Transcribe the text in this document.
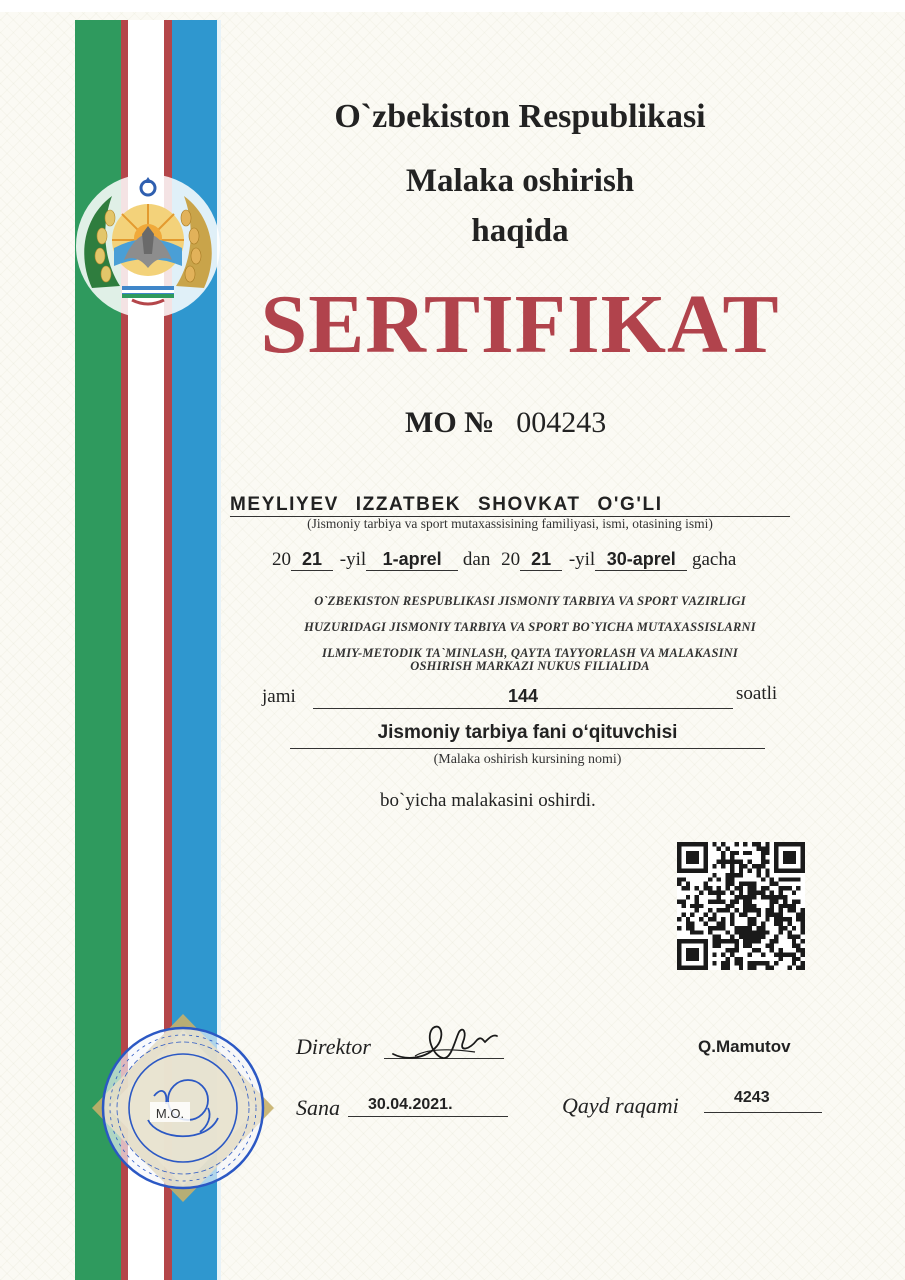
O`zbekiston Respublikasi
Malaka oshirish
haqida
SERTIFIKAT
MO № 004243
MEYLIYEV IZZATBEK SHOVKAT O'G'LI
(Jismoniy tarbiya va sport mutaxassisining familiyasi, ismi, otasining ismi)
20 21 -yil 1-aprel dan 20 21 -yil 30-aprel gacha
O`ZBEKISTON RESPUBLIKASI JISMONIY TARBIYA VA SPORT VAZIRLIGI
HUZURIDAGI JISMONIY TARBIYA VA SPORT BO`YICHA MUTAXASSISLARNI
ILMIY-METODIK TA`MINLASH, QAYTA TAYYORLASH VA MALAKASINI
OSHIRISH MARKAZI NUKUS FILIALIDA
jami	144	soatli
Jismoniy tarbiya fani o‘qituvchisi
(Malaka oshirish kursining nomi)
bo`yicha malakasini oshirdi.
Direktor	Q.Mamutov
Sana 30.04.2021.	Qayd raqami	4243
M.O.
